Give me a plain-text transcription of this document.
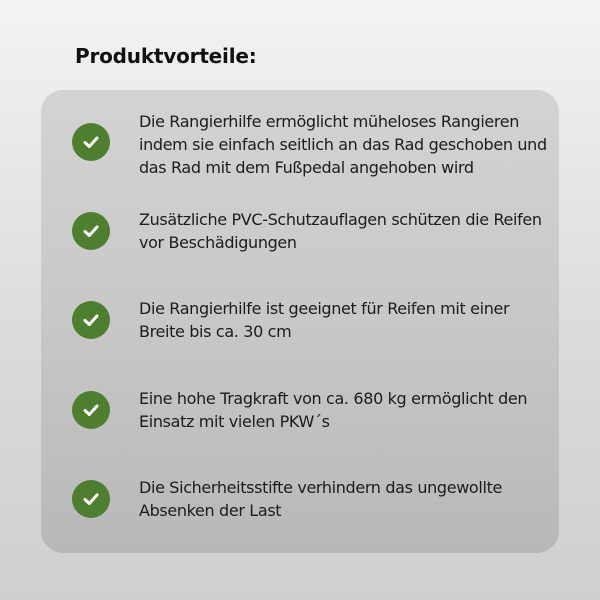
Produktvorteile:
Die Rangierhilfe ermöglicht müheloses Rangieren indem sie einfach seitlich an das Rad geschoben und das Rad mit dem Fußpedal angehoben wird
Zusätzliche PVC-Schutzauflagen schützen die Reifen vor Beschädigungen
Die Rangierhilfe ist geeignet für Reifen mit einer Breite bis ca. 30 cm
Eine hohe Tragkraft von ca. 680 kg ermöglicht den Einsatz mit vielen PKW´s
Die Sicherheitsstifte verhindern das ungewollte Absenken der Last
